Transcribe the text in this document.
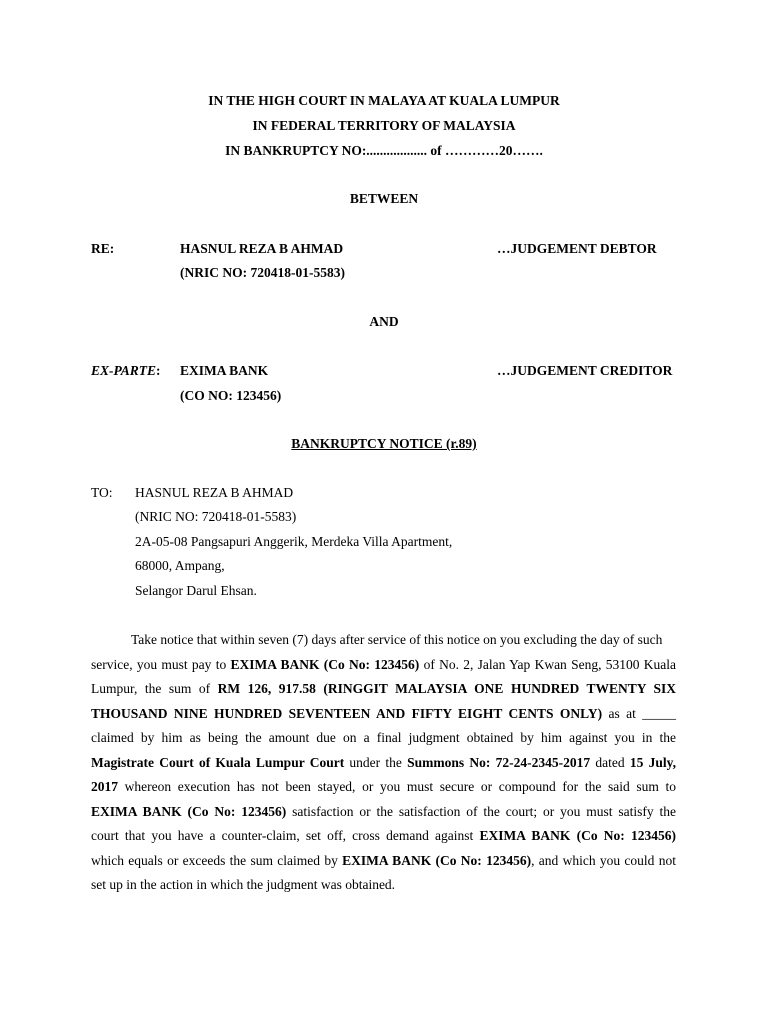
IN THE HIGH COURT IN MALAYA AT KUALA LUMPUR
IN FEDERAL TERRITORY OF MALAYSIA
IN BANKRUPTCY NO:.................. of …………20…….
BETWEEN
RE:	HASNUL REZA B AHMAD	…JUDGEMENT DEBTOR
(NRIC NO: 720418-01-5583)
AND
EX-PARTE: EXIMA BANK	…JUDGEMENT CREDITOR
(CO NO: 123456)
BANKRUPTCY NOTICE (r.89)
TO: HASNUL REZA B AHMAD
(NRIC NO: 720418-01-5583)
2A-05-08 Pangsapuri Anggerik, Merdeka Villa Apartment,
68000, Ampang,
Selangor Darul Ehsan.
Take notice that within seven (7) days after service of this notice on you excluding the day of such
service, you must pay to EXIMA BANK (Co No: 123456) of No. 2, Jalan Yap Kwan Seng, 53100 Kuala
Lumpur, the sum of RM 126, 917.58 (RINGGIT MALAYSIA ONE HUNDRED TWENTY SIX
THOUSAND NINE HUNDRED SEVENTEEN AND FIFTY EIGHT CENTS ONLY) as at _____
claimed by him as being the amount due on a final judgment obtained by him against you in the
Magistrate Court of Kuala Lumpur Court under the Summons No: 72-24-2345-2017 dated 15 July,
2017 whereon execution has not been stayed, or you must secure or compound for the said sum to
EXIMA BANK (Co No: 123456) satisfaction or the satisfaction of the court; or you must satisfy the
court that you have a counter-claim, set off, cross demand against EXIMA BANK (Co No: 123456)
which equals or exceeds the sum claimed by EXIMA BANK (Co No: 123456), and which you could not
set up in the action in which the judgment was obtained.
